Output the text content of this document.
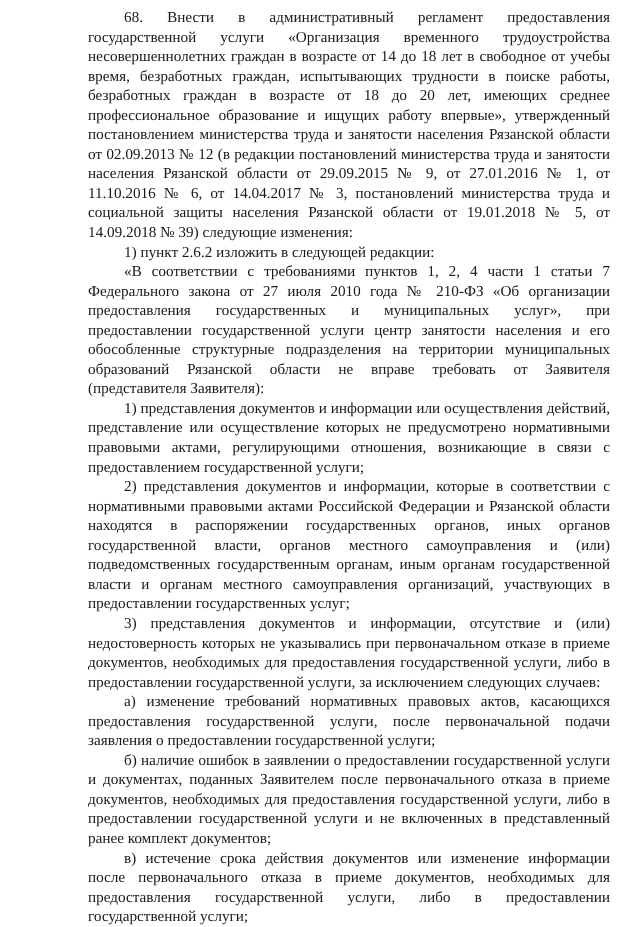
68. Внести в административный регламент предоставления государственной услуги «Организация временного трудоустройства несовершеннолетних граждан в возрасте от 14 до 18 лет в свободное от учебы время, безработных граждан, испытывающих трудности в поиске работы, безработных граждан в возрасте от 18 до 20 лет, имеющих среднее профессиональное образование и ищущих работу впервые», утвержденный постановлением министерства труда и занятости населения Рязанской области от 02.09.2013 № 12 (в редакции постановлений министерства труда и занятости населения Рязанской области от 29.09.2015 № 9, от 27.01.2016 № 1, от 11.10.2016 № 6, от 14.04.2017 № 3, постановлений министерства труда и социальной защиты населения Рязанской области от 19.01.2018 № 5, от 14.09.2018 № 39) следующие изменения:

1) пункт 2.6.2 изложить в следующей редакции:

«В соответствии с требованиями пунктов 1, 2, 4 части 1 статьи 7 Федерального закона от 27 июля 2010 года № 210-ФЗ «Об организации предоставления государственных и муниципальных услуг», при предоставлении государственной услуги центр занятости населения и его обособленные структурные подразделения на территории муниципальных образований Рязанской области не вправе требовать от Заявителя (представителя Заявителя):

1) представления документов и информации или осуществления действий, представление или осуществление которых не предусмотрено нормативными правовыми актами, регулирующими отношения, возникающие в связи с предоставлением государственной услуги;

2) представления документов и информации, которые в соответствии с нормативными правовыми актами Российской Федерации и Рязанской области находятся в распоряжении государственных органов, иных органов государственной власти, органов местного самоуправления и (или) подведомственных государственным органам, иным органам государственной власти и органам местного самоуправления организаций, участвующих в предоставлении государственных услуг;

3) представления документов и информации, отсутствие и (или) недостоверность которых не указывались при первоначальном отказе в приеме документов, необходимых для предоставления государственной услуги, либо в предоставлении государственной услуги, за исключением следующих случаев:

а) изменение требований нормативных правовых актов, касающихся предоставления государственной услуги, после первоначальной подачи заявления о предоставлении государственной услуги;

б) наличие ошибок в заявлении о предоставлении государственной услуги и документах, поданных Заявителем после первоначального отказа в приеме документов, необходимых для предоставления государственной услуги, либо в предоставлении государственной услуги и не включенных в представленный ранее комплект документов;

в) истечение срока действия документов или изменение информации после первоначального отказа в приеме документов, необходимых для предоставления государственной услуги, либо в предоставлении государственной услуги;
